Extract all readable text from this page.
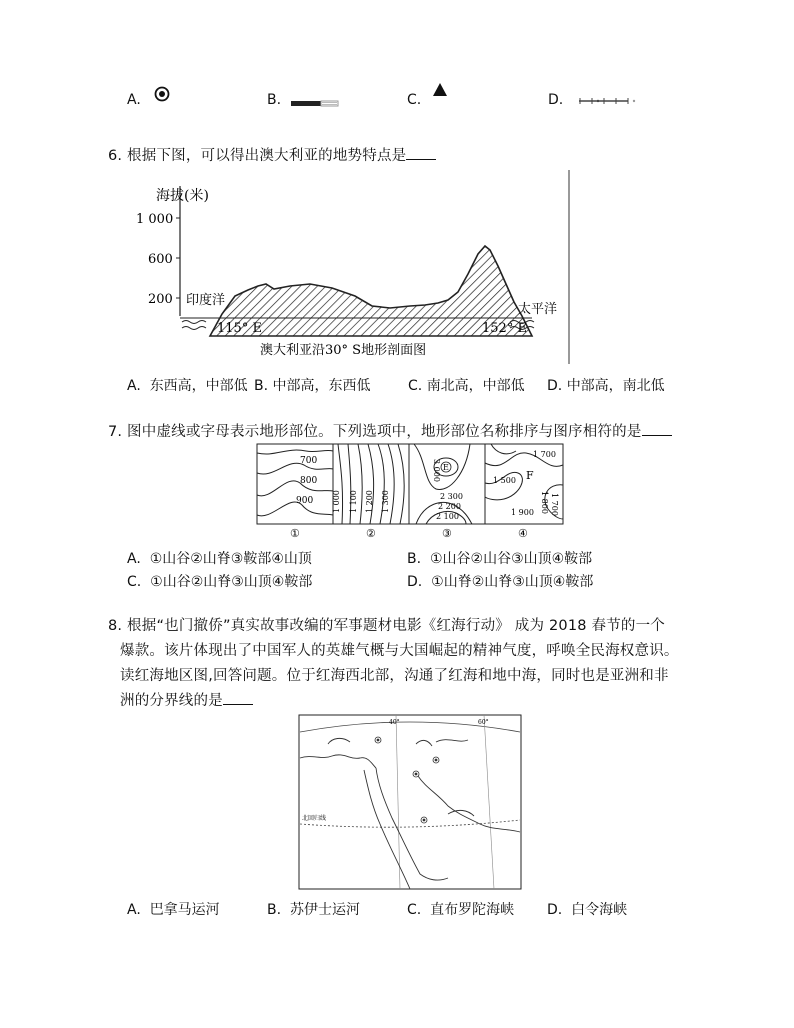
A.	B.	C.	D.
6. 根据下图，可以得出澳大利亚的地势特点是
海拔(米)
1 000
600
200 印度洋
太平洋
115° E	152° E
澳大利亚沿30° S地形剖面图
A. 东西高，中部低 B. 中部高，东西低	C. 南北高，中部低 D. 中部高，南北低
7. 图中虚线或字母表示地形部位。下列选项中，地形部位名称排序与图序相符的是
700
800
900
①
1 000 1 100 1 200 1 300
②
E
3 000
2 300
2 200
2 100
③
1 700
F
1 500
1 900 1 800 1 700
④
A. ①山谷②山脊③鞍部④山顶	B. ①山谷②山谷③山顶④鞍部
C. ①山谷②山脊③山顶④鞍部	D. ①山脊②山脊③山顶④鞍部
8. 根据“也门撤侨”真实故事改编的军事题材电影《红海行动》 成为 2018 春节的一个
爆款。该片体现出了中国军人的英雄气概与大国崛起的精神气度，呼唤全民海权意识。
读红海地区图,回答问题。位于红海西北部，沟通了红海和地中海，同时也是亚洲和非
洲的分界线的是
40°	60°
北回归线
A. 巴拿马运河	B. 苏伊士运河	C. 直布罗陀海峡 D. 白令海峡
